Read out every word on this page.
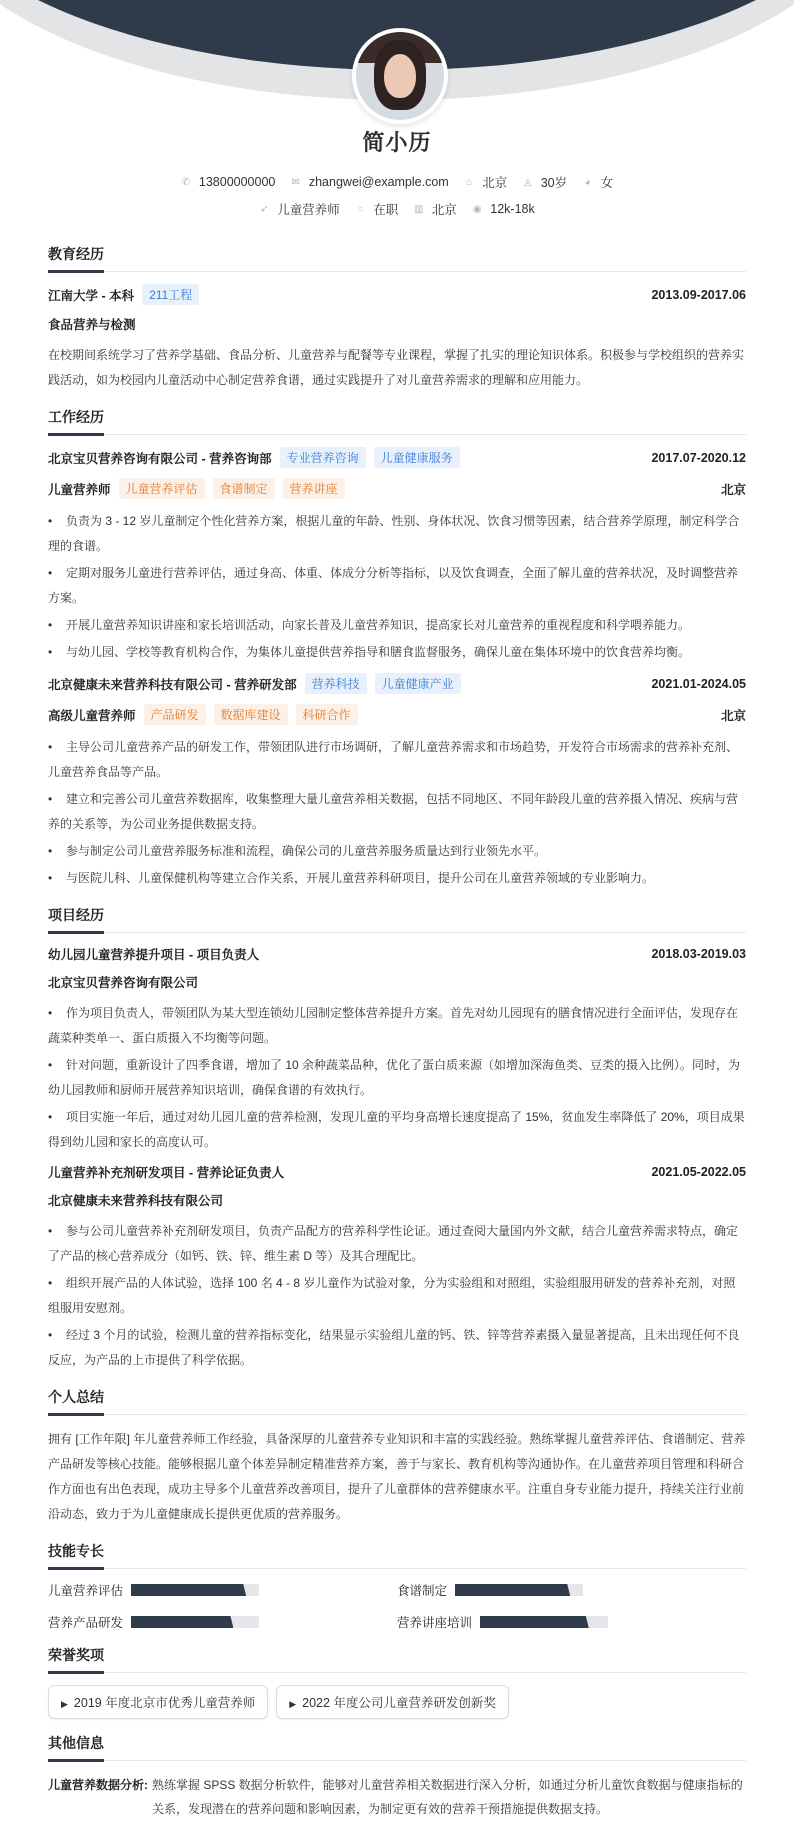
简小历
✆ 13800000000
✉ zhangwei@example.com
⌂ 北京
◬ 30岁
◕ 女
➶ 儿童营养师
○ 在职
▥ 北京
◉ 12k-18k
教育经历
江南大学 - 本科	211工程	2013.09-2017.06
食品营养与检测
在校期间系统学习了营养学基础、食品分析、儿童营养与配餐等专业课程，掌握了扎实的理论知识体系。积极参与学校组织的营养实践活动，如为校园内儿童活动中心制定营养食谱，通过实践提升了对儿童营养需求的理解和应用能力。
工作经历
北京宝贝营养咨询有限公司 - 营养咨询部	专业营养咨询	儿童健康服务	2017.07-2020.12
儿童营养师	儿童营养评估	食谱制定	营养讲座	北京
• 负责为 3 - 12 岁儿童制定个性化营养方案，根据儿童的年龄、性别、身体状况、饮食习惯等因素，结合营养学原理，制定科学合理的食谱。
• 定期对服务儿童进行营养评估，通过身高、体重、体成分分析等指标，以及饮食调查，全面了解儿童的营养状况，及时调整营养方案。
• 开展儿童营养知识讲座和家长培训活动，向家长普及儿童营养知识，提高家长对儿童营养的重视程度和科学喂养能力。
• 与幼儿园、学校等教育机构合作，为集体儿童提供营养指导和膳食监督服务，确保儿童在集体环境中的饮食营养均衡。
北京健康未来营养科技有限公司 - 营养研发部	营养科技	儿童健康产业	2021.01-2024.05
高级儿童营养师	产品研发	数据库建设	科研合作	北京
• 主导公司儿童营养产品的研发工作，带领团队进行市场调研，了解儿童营养需求和市场趋势，开发符合市场需求的营养补充剂、儿童营养食品等产品。
• 建立和完善公司儿童营养数据库，收集整理大量儿童营养相关数据，包括不同地区、不同年龄段儿童的营养摄入情况、疾病与营养的关系等，为公司业务提供数据支持。
• 参与制定公司儿童营养服务标准和流程，确保公司的儿童营养服务质量达到行业领先水平。
• 与医院儿科、儿童保健机构等建立合作关系，开展儿童营养科研项目，提升公司在儿童营养领域的专业影响力。
项目经历
幼儿园儿童营养提升项目 - 项目负责人	2018.03-2019.03
北京宝贝营养咨询有限公司
• 作为项目负责人，带领团队为某大型连锁幼儿园制定整体营养提升方案。首先对幼儿园现有的膳食情况进行全面评估，发现存在蔬菜种类单一、蛋白质摄入不均衡等问题。
• 针对问题，重新设计了四季食谱，增加了 10 余种蔬菜品种，优化了蛋白质来源（如增加深海鱼类、豆类的摄入比例）。同时，为幼儿园教师和厨师开展营养知识培训，确保食谱的有效执行。
• 项目实施一年后，通过对幼儿园儿童的营养检测，发现儿童的平均身高增长速度提高了 15%，贫血发生率降低了 20%，项目成果得到幼儿园和家长的高度认可。
儿童营养补充剂研发项目 - 营养论证负责人	2021.05-2022.05
北京健康未来营养科技有限公司
• 参与公司儿童营养补充剂研发项目，负责产品配方的营养科学性论证。通过查阅大量国内外文献，结合儿童营养需求特点，确定了产品的核心营养成分（如钙、铁、锌、维生素 D 等）及其合理配比。
• 组织开展产品的人体试验，选择 100 名 4 - 8 岁儿童作为试验对象，分为实验组和对照组，实验组服用研发的营养补充剂，对照组服用安慰剂。
• 经过 3 个月的试验，检测儿童的营养指标变化，结果显示实验组儿童的钙、铁、锌等营养素摄入量显著提高，且未出现任何不良反应，为产品的上市提供了科学依据。
个人总结
拥有 [工作年限] 年儿童营养师工作经验，具备深厚的儿童营养专业知识和丰富的实践经验。熟练掌握儿童营养评估、食谱制定、营养产品研发等核心技能。能够根据儿童个体差异制定精准营养方案，善于与家长、教育机构等沟通协作。在儿童营养项目管理和科研合作方面也有出色表现，成功主导多个儿童营养改善项目，提升了儿童群体的营养健康水平。注重自身专业能力提升，持续关注行业前沿动态，致力于为儿童健康成长提供更优质的营养服务。
技能专长
儿童营养评估	食谱制定
营养产品研发	营养讲座培训
荣誉奖项
▶ 2019 年度北京市优秀儿童营养师	▶ 2022 年度公司儿童营养研发创新奖
其他信息
儿童营养数据分析: 熟练掌握 SPSS 数据分析软件，能够对儿童营养相关数据进行深入分析，如通过分析儿童饮食数据与健康指标的关系，发现潜在的营养问题和影响因素，为制定更有效的营养干预措施提供数据支持。
